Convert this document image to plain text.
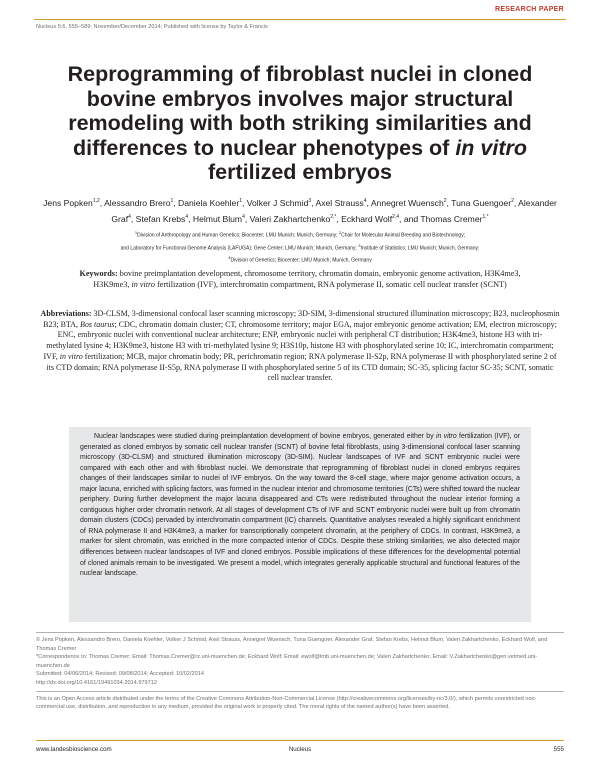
RESEARCH PAPER
Nucleus 5:6, 555–589; November/December 2014; Published with license by Taylor & Francis
Reprogramming of fibroblast nuclei in cloned
bovine embryos involves major structural
remodeling with both striking similarities and
differences to nuclear phenotypes of in vitro
fertilized embryos
Jens Popken$^{1,2}$, Alessandro Brero$^1$, Daniela Koehler$^1$, Volker J Schmid$^3$, Axel Strauss$^4$, Annegret Wuensch$^2$, Tuna Guengoer$^2$, Alexander Graf$^4$, Stefan Krebs$^4$, Helmut Blum$^4$, Valeri Zakhartchenko$^{2,*}$, Eckhard Wolf$^{2,4}$, and Thomas Cremer$^{1,*}$
$^1$Division of Anthropology and Human Genetics; Biocenter; LMU Munich; Munich, Germany; $^2$Chair for Molecular Animal Breeding and Biotechnology;
and Laboratory for Functional Genome Analysis (LAFUGA); Gene Center; LMU Munich; Munich, Germany; $^3$Institute of Statistics; LMU Munich; Munich, Germany;
$^4$Division of Genetics; Biocenter; LMU Munich; Munich, Germany
Keywords: bovine preimplantation development, chromosome territory, chromatin domain, embryonic genome activation, H3K4me3, H3K9me3, in vitro fertilization (IVF), interchromatin compartment, RNA polymerase II, somatic cell nuclear transfer (SCNT)
Abbreviations: 3D-CLSM, 3-dimensional confocal laser scanning microscopy; 3D-SIM, 3-dimensional structured illumination microscopy; B23, nucleophosmin B23; BTA, Bos taurus; CDC, chromatin domain cluster; CT, chromosome territory; major EGA, major embryonic genome activation; EM, electron microscopy; ENC, embryonic nuclei with conventional nuclear architecture; ENP, embryonic nuclei with peripheral CT distribution; H3K4me3, histone H3 with tri-methylated lysine 4; H3K9me3, histone H3 with tri-methylated lysine 9; H3S10p, histone H3 with phosphorylated serine 10; IC, interchromatin compartment; IVF, in vitro fertilization; MCB, major chromatin body; PR, perichromatin region; RNA polymerase II-S2p, RNA polymerase II with phosphorylated serine 2 of its CTD domain; RNA polymerase II-S5p, RNA polymerase II with phosphorylated serine 5 of its CTD domain; SC-35, splicing factor SC-35; SCNT, somatic cell nuclear transfer.
Nuclear landscapes were studied during preimplantation development of bovine embryos, generated either by in vitro fertilization (IVF), or generated as cloned embryos by somatic cell nuclear transfer (SCNT) of bovine fetal fibroblasts, using 3-dimensional confocal laser scanning microscopy (3D-CLSM) and structured illumination microscopy (3D-SIM). Nuclear landscapes of IVF and SCNT embryonic nuclei were compared with each other and with fibroblast nuclei. We demonstrate that reprogramming of fibroblast nuclei in cloned embryos requires changes of their landscapes similar to nuclei of IVF embryos. On the way toward the 8-cell stage, where major genome activation occurs, a major lacuna, enriched with splicing factors, was formed in the nuclear interior and chromosome territories (CTs) were shifted toward the nuclear periphery. During further development the major lacuna disappeared and CTs were redistributed throughout the nuclear interior forming a contiguous higher order chromatin network. At all stages of development CTs of IVF and SCNT embryonic nuclei were built up from chromatin domain clusters (CDCs) pervaded by interchromatin compartment (IC) channels. Quantitative analyses revealed a highly significant enrichment of RNA polymerase II and H3K4me3, a marker for transcriptionally competent chromatin, at the periphery of CDCs. In contrast, H3K9me3, a marker for silent chromatin, was enriched in the more compacted interior of CDCs. Despite these striking similarities, we also detected major differences between nuclear landscapes of IVF and cloned embryos. Possible implications of these differences for the developmental potential of cloned animals remain to be investigated. We present a model, which integrates generally applicable structural and functional features of the nuclear landscape.
© Jens Popken, Alessandro Brero, Daniela Koehler, Volker J Schmid, Axel Strauss, Annegret Wuensch, Tuna Guengoer, Alexander Graf, Stefan Krebs, Helmut Blum, Valeri Zakhartchenko, Eckhard Wolf, and Thomas Cremer
*Correspondence to: Thomas Cremer; Email: Thomas.Cremer@rz.uni-muenchen.de; Eckhard Wolf; Email: ewolf@lmb.uni-muenchen.de; Valeri Zakhartchenko; Email: V.Zakhartchenko@gen.vetmed.uni-muenchen.de
Submitted: 04/06/2014; Revised: 09/08/2014; Accepted: 10/02/2014
http://dx.doi.org/10.4161/19491034.2014.979712
This is an Open Access article distributed under the terms of the Creative Commons Attribution-Non-Commercial License (http://creativecommons.org/licenses/by-nc/3.0/), which permits unrestricted non-commercial use, distribution, and reproduction in any medium, provided the original work is properly cited. The moral rights of the named author(s) have been asserted.
www.landesbioscience.com	Nucleus	555
